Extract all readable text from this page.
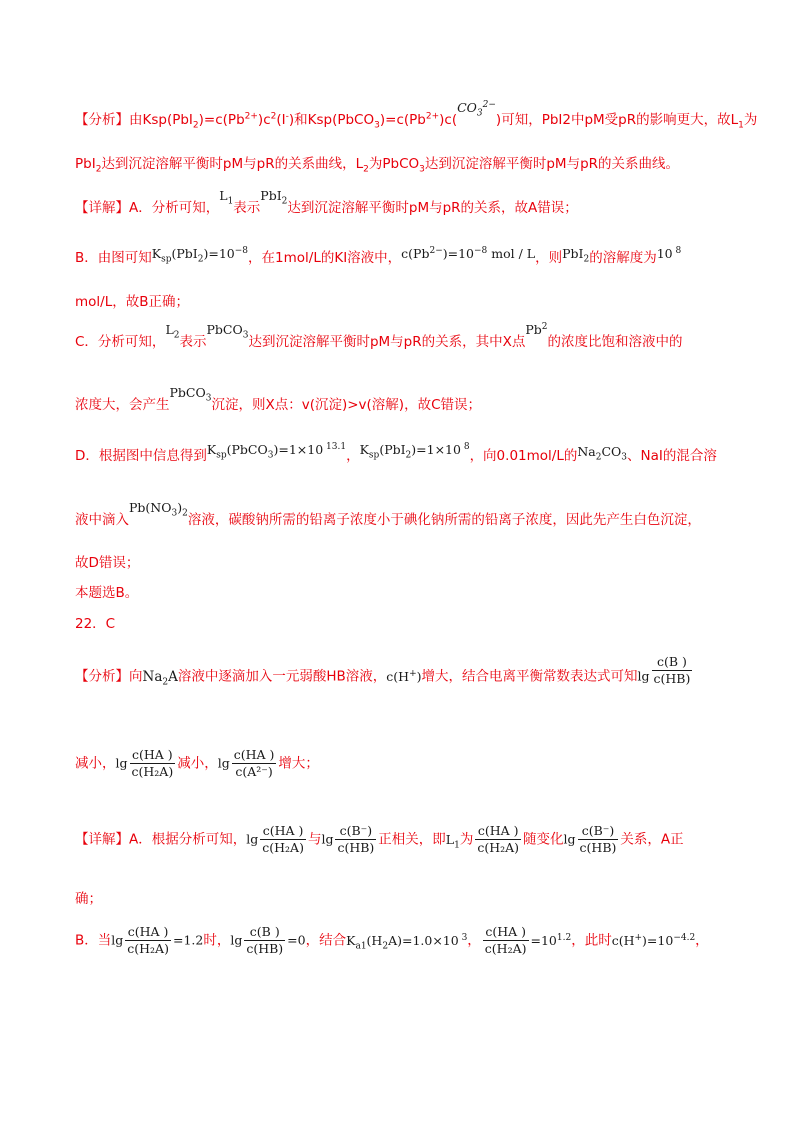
【分析】由$Ksp(PbI_2)=c(Pb^{2+})c^2(I^-)$和$Ksp(PbCO_3)=c(Pb^{2+})c(CO_3^{2-})$可知，PbI2中pM受pR的影响更大，故$L_1$为
PbI$_2$达到沉淀溶解平衡时pM与pR的关系曲线，$L_2$为PbCO$_3$达到沉淀溶解平衡时pM与pR的关系曲线。
【详解】A．分析可知，$L_1$表示PbI$_2$达到沉淀溶解平衡时pM与pR的关系，故A错误；
B．由图可知$K_{sp}(PbI_2)=10^{-8}$，在1mol/L的KI溶液中，$c(Pb^{2-})=10^{-8}$ mol / L，则PbI$_2$的溶解度为10 $^8$
mol/L，故B正确；
C．分析可知，$L_2$表示PbCO$_3$达到沉淀溶解平衡时pM与pR的关系，其中X点Pb$^2$的浓度比饱和溶液中的
浓度大，会产生PbCO$_3$沉淀，则X点：v(沉淀)>v(溶解)，故C错误；
D．根据图中信息得到$K_{sp}(PbCO_3)=1\times 10$ $^{13.1}$，$K_{sp}(PbI_2)=1\times 10$ $^8$，向0.01mol/L的$Na_2CO_3$、NaI的混合溶
液中滴入$Pb(NO_3)_2$溶液，碳酸钠所需的铅离子浓度小于碘化钠所需的铅离子浓度，因此先产生白色沉淀，
故D错误；
本题选B。
22．C
【分析】向$Na_2A$溶液中逐滴加入一元弱酸HB溶液，c(H+)增大，结合电离平衡常数表达式可知$\lg \frac{c(B )}{c(HB)}$
减小，$\lg \frac{c(HA )}{\text{c(H₂A)}}$ 减小，$\lg \frac{c(HA )}{\text{c(A²⁻)}}$ 增大；
【详解】A．根据分析可知，$\lg \frac{c(HA )}{\text{c(H₂A)}}$ 与$\lg \frac{c(B^-)}{c(HB)}$ 正相关，即$L_1$为 $\frac{c(HA )}{\text{c(H₂A)}}$ 随变化$\lg \frac{c(B^-)}{c(HB)}$ 关系，A正
确；
B．当$\lg \frac{c(HA )}{\text{c(H₂A)}} =1.2$时，$\lg \frac{c(B )}{c(HB)} =0$，结合$K_{a1}(H_2A)=1.0\times 10$ $^3$， $\frac{c(HA )}{\text{c(H₂A)}} =10^{1.2}$，此时$c(H^+)=10^{-4.2}$，
